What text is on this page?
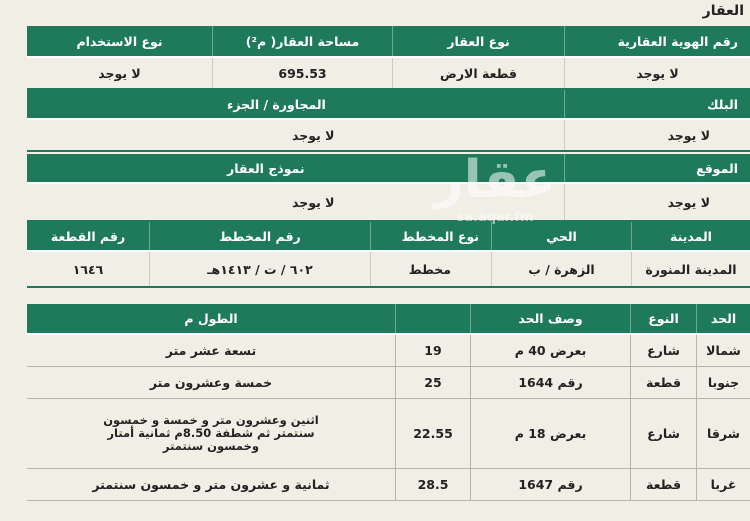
العقار
رقم الهوية العقارية
نوع العقار
مساحة العقار( م²)
نوع الاستخدام
لا يوجد
قطعة الارض
695.53
لا يوجد
البلك
المجاورة / الجزء
لا يوجد
لا يوجد
الموقع
نموذج العقار
لا يوجد
لا يوجد
المدينة
الحي
نوع المخطط
رقم المخطط
رقم القطعة
المدينة المنورة
الزهرة / ب
مخطط
٦٠٢ / ت / ١٤١٣هـ
١٦٤٦
الحد
النوع
وصف الحد
الطول م
شمالا
شارع
بعرض 40 م
19
تسعة عشر متر
جنوبا
قطعة
رقم 1644
25
خمسة وعشرون متر
شرقا
شارع
بعرض 18 م
22.55
اثنين وعشرون متر و خمسة و خمسون سنتمتر ثم شطفة 8.50م ثمانية أمتار وخمسون سنتمتر
غربا
قطعة
رقم 1647
28.5
ثمانية و عشرون متر و خمسون سنتمتر
عقار
sa.aqar.fm
